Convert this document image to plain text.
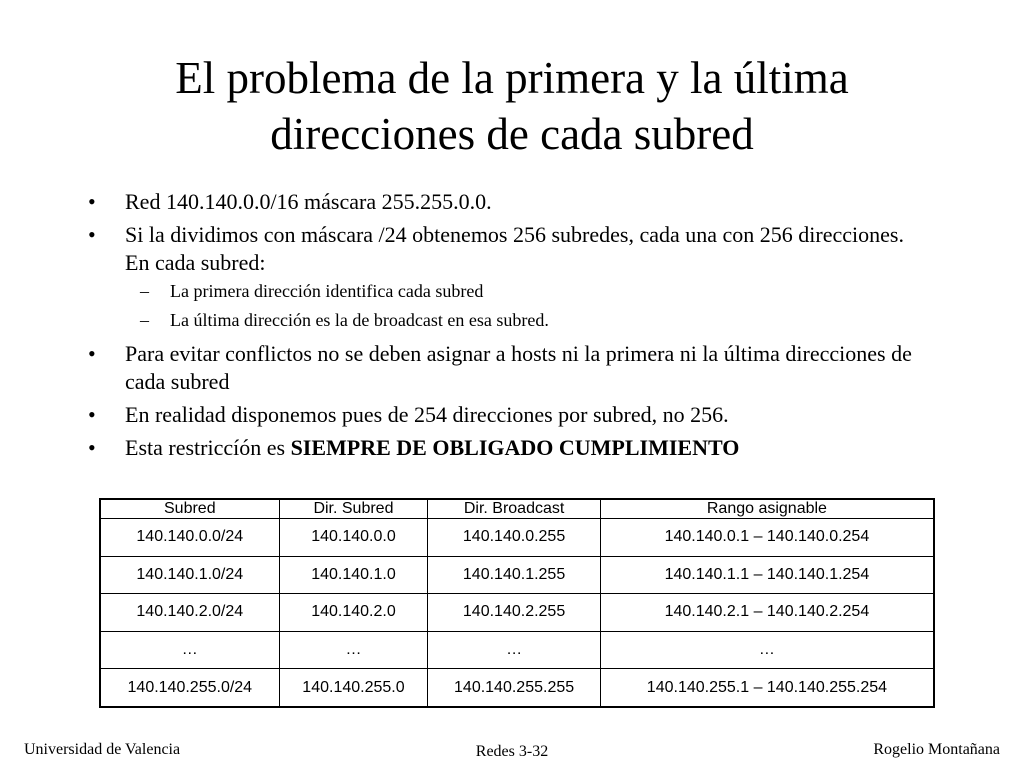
El problema de la primera y la última
direcciones de cada subred
• Red 140.140.0.0/16 máscara 255.255.0.0.
• Si la dividimos con máscara /24 obtenemos 256 subredes, cada una con 256 direcciones. En cada subred:
– La primera dirección identifica cada subred
– La última dirección es la de broadcast en esa subred.
• Para evitar conflictos no se deben asignar a hosts ni la primera ni la última direcciones de cada subred
• En realidad disponemos pues de 254 direcciones por subred, no 256.
• Esta restriccíón es SIEMPRE DE OBLIGADO CUMPLIMIENTO
Subred	Dir. Subred	Dir. Broadcast	Rango asignable
140.140.0.0/24	140.140.0.0	140.140.0.255	140.140.0.1 – 140.140.0.254
140.140.1.0/24	140.140.1.0	140.140.1.255	140.140.1.1 – 140.140.1.254
140.140.2.0/24	140.140.2.0	140.140.2.255	140.140.2.1 – 140.140.2.254
…	…	…	…
140.140.255.0/24	140.140.255.0	140.140.255.255	140.140.255.1 – 140.140.255.254
Universidad de Valencia	Redes 3-32	Rogelio Montañana
